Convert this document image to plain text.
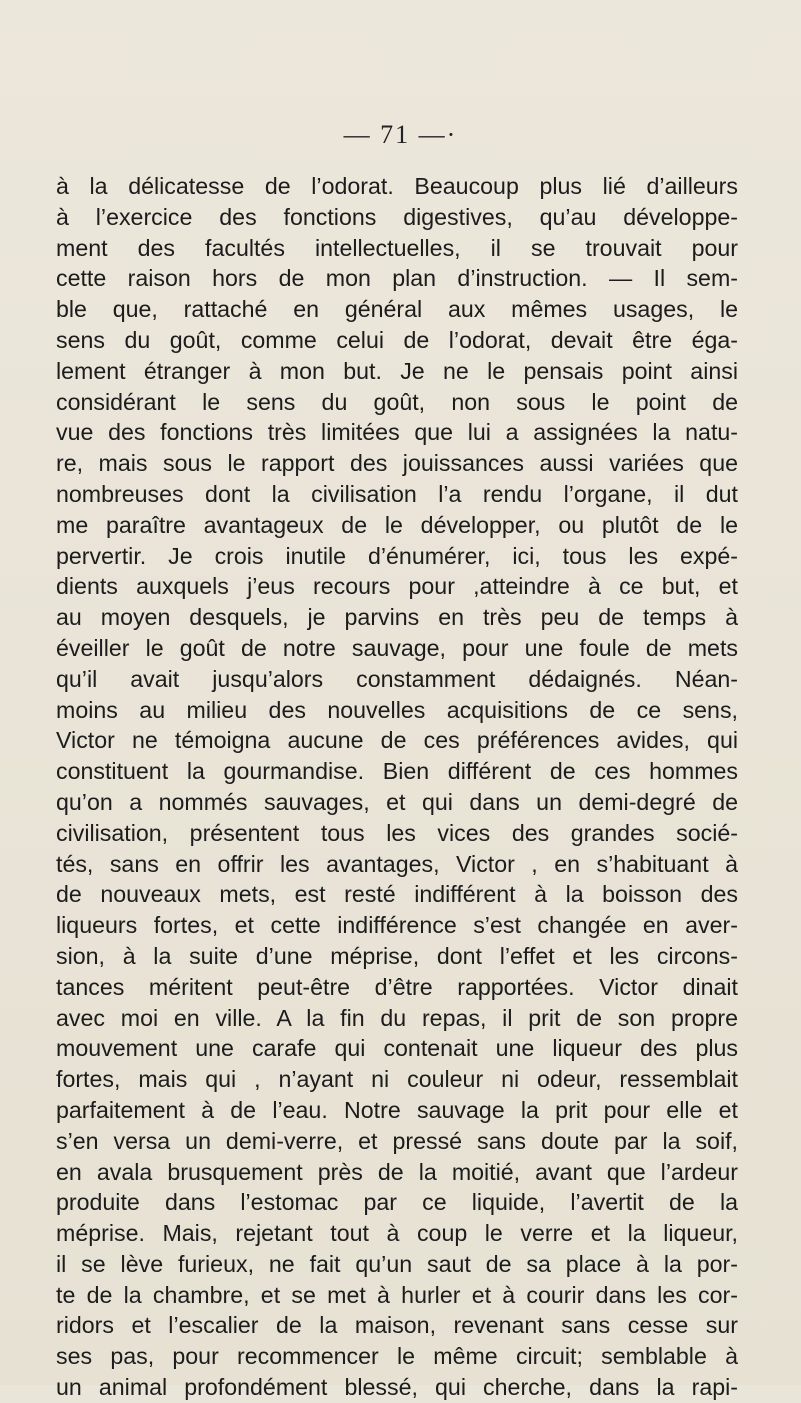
— 71 —·
à la délicatesse de l’odorat. Beaucoup plus lié d’ailleurs
à l’exercice des fonctions digestives, qu’au développe-
ment des facultés intellectuelles, il se trouvait pour
cette raison hors de mon plan d’instruction. — Il sem-
ble que, rattaché en général aux mêmes usages, le
sens du goût, comme celui de l’odorat, devait être éga-
lement étranger à mon but. Je ne le pensais point ainsi
considérant le sens du goût, non sous le point de
vue des fonctions très limitées que lui a assignées la natu-
re, mais sous le rapport des jouissances aussi variées que
nombreuses dont la civilisation l’a rendu l’organe, il dut
me paraître avantageux de le développer, ou plutôt de le
pervertir. Je crois inutile d’énumérer, ici, tous les expé-
dients auxquels j’eus recours pour ,atteindre à ce but, et
au moyen desquels, je parvins en très peu de temps à
éveiller le goût de notre sauvage, pour une foule de mets
qu’il avait jusqu’alors constamment dédaignés. Néan-
moins au milieu des nouvelles acquisitions de ce sens,
Victor ne témoigna aucune de ces préférences avides, qui
constituent la gourmandise. Bien différent de ces hommes
qu’on a nommés sauvages, et qui dans un demi-degré de
civilisation, présentent tous les vices des grandes socié-
tés, sans en offrir les avantages, Victor , en s’habituant à
de nouveaux mets, est resté indifférent à la boisson des
liqueurs fortes, et cette indifférence s’est changée en aver-
sion, à la suite d’une méprise, dont l’effet et les circons-
tances méritent peut-être d’être rapportées. Victor dinait
avec moi en ville. A la fin du repas, il prit de son propre
mouvement une carafe qui contenait une liqueur des plus
fortes, mais qui , n’ayant ni couleur ni odeur, ressemblait
parfaitement à de l’eau. Notre sauvage la prit pour elle et
s’en versa un demi-verre, et pressé sans doute par la soif,
en avala brusquement près de la moitié, avant que l’ardeur
produite dans l’estomac par ce liquide, l’avertit de la
méprise. Mais, rejetant tout à coup le verre et la liqueur,
il se lève furieux, ne fait qu’un saut de sa place à la por-
te de la chambre, et se met à hurler et à courir dans les cor-
ridors et l’escalier de la maison, revenant sans cesse sur
ses pas, pour recommencer le même circuit; semblable à
un animal profondément blessé, qui cherche, dans la rapi-
